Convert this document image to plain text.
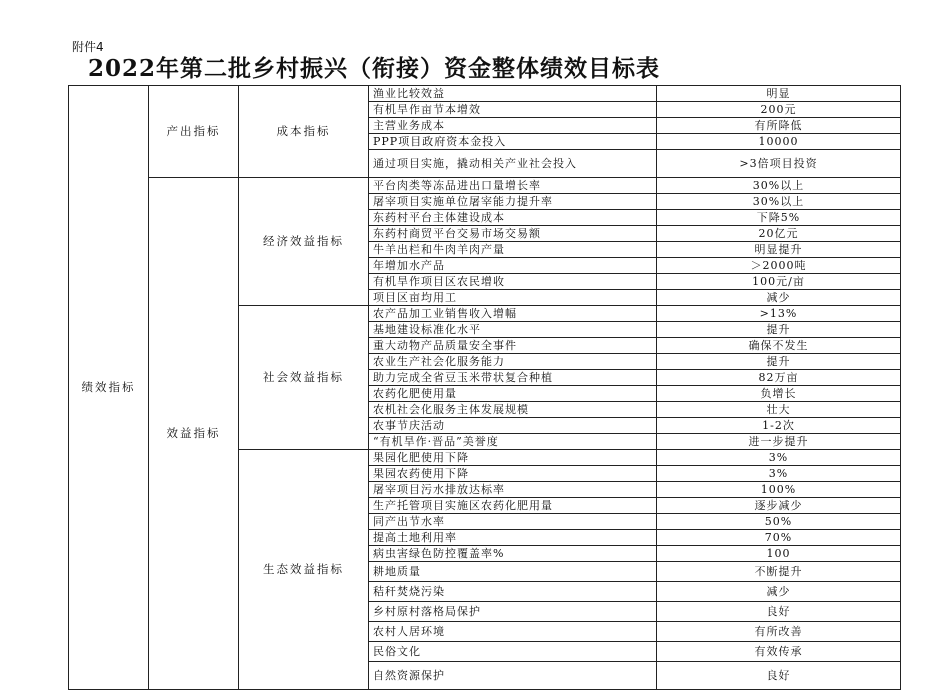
附件4
2022年第二批乡村振兴（衔接）资金整体绩效目标表
绩效指标	产出指标	成本指标	渔业比较效益	明显
			有机旱作亩节本增效	200元
			主营业务成本	有所降低
			PPP项目政府资本金投入	10000
			通过项目实施，撬动相关产业社会投入	>3倍项目投资
	效益指标	经济效益指标	平台肉类等冻品进出口量增长率	30%以上
			屠宰项目实施单位屠宰能力提升率	30%以上
			东药村平台主体建设成本	下降5%
			东药村商贸平台交易市场交易额	20亿元
			牛羊出栏和牛肉羊肉产量	明显提升
			年增加水产品	＞2000吨
			有机旱作项目区农民增收	100元/亩
			项目区亩均用工	减少
		社会效益指标	农产品加工业销售收入增幅	>13%
			基地建设标准化水平	提升
			重大动物产品质量安全事件	确保不发生
			农业生产社会化服务能力	提升
			助力完成全省豆玉米带状复合种植	82万亩
			农药化肥使用量	负增长
			农机社会化服务主体发展规模	壮大
			农事节庆活动	1-2次
			“有机旱作·晋品”美誉度	进一步提升
		生态效益指标	果园化肥使用下降	3%
			果园农药使用下降	3%
			屠宰项目污水排放达标率	100%
			生产托管项目实施区农药化肥用量	逐步减少
			同产出节水率	50%
			提高土地利用率	70%
			病虫害绿色防控覆盖率%	100
			耕地质量	不断提升
			秸秆焚烧污染	减少
			乡村原村落格局保护	良好
			农村人居环境	有所改善
			民俗文化	有效传承
			自然资源保护	良好
